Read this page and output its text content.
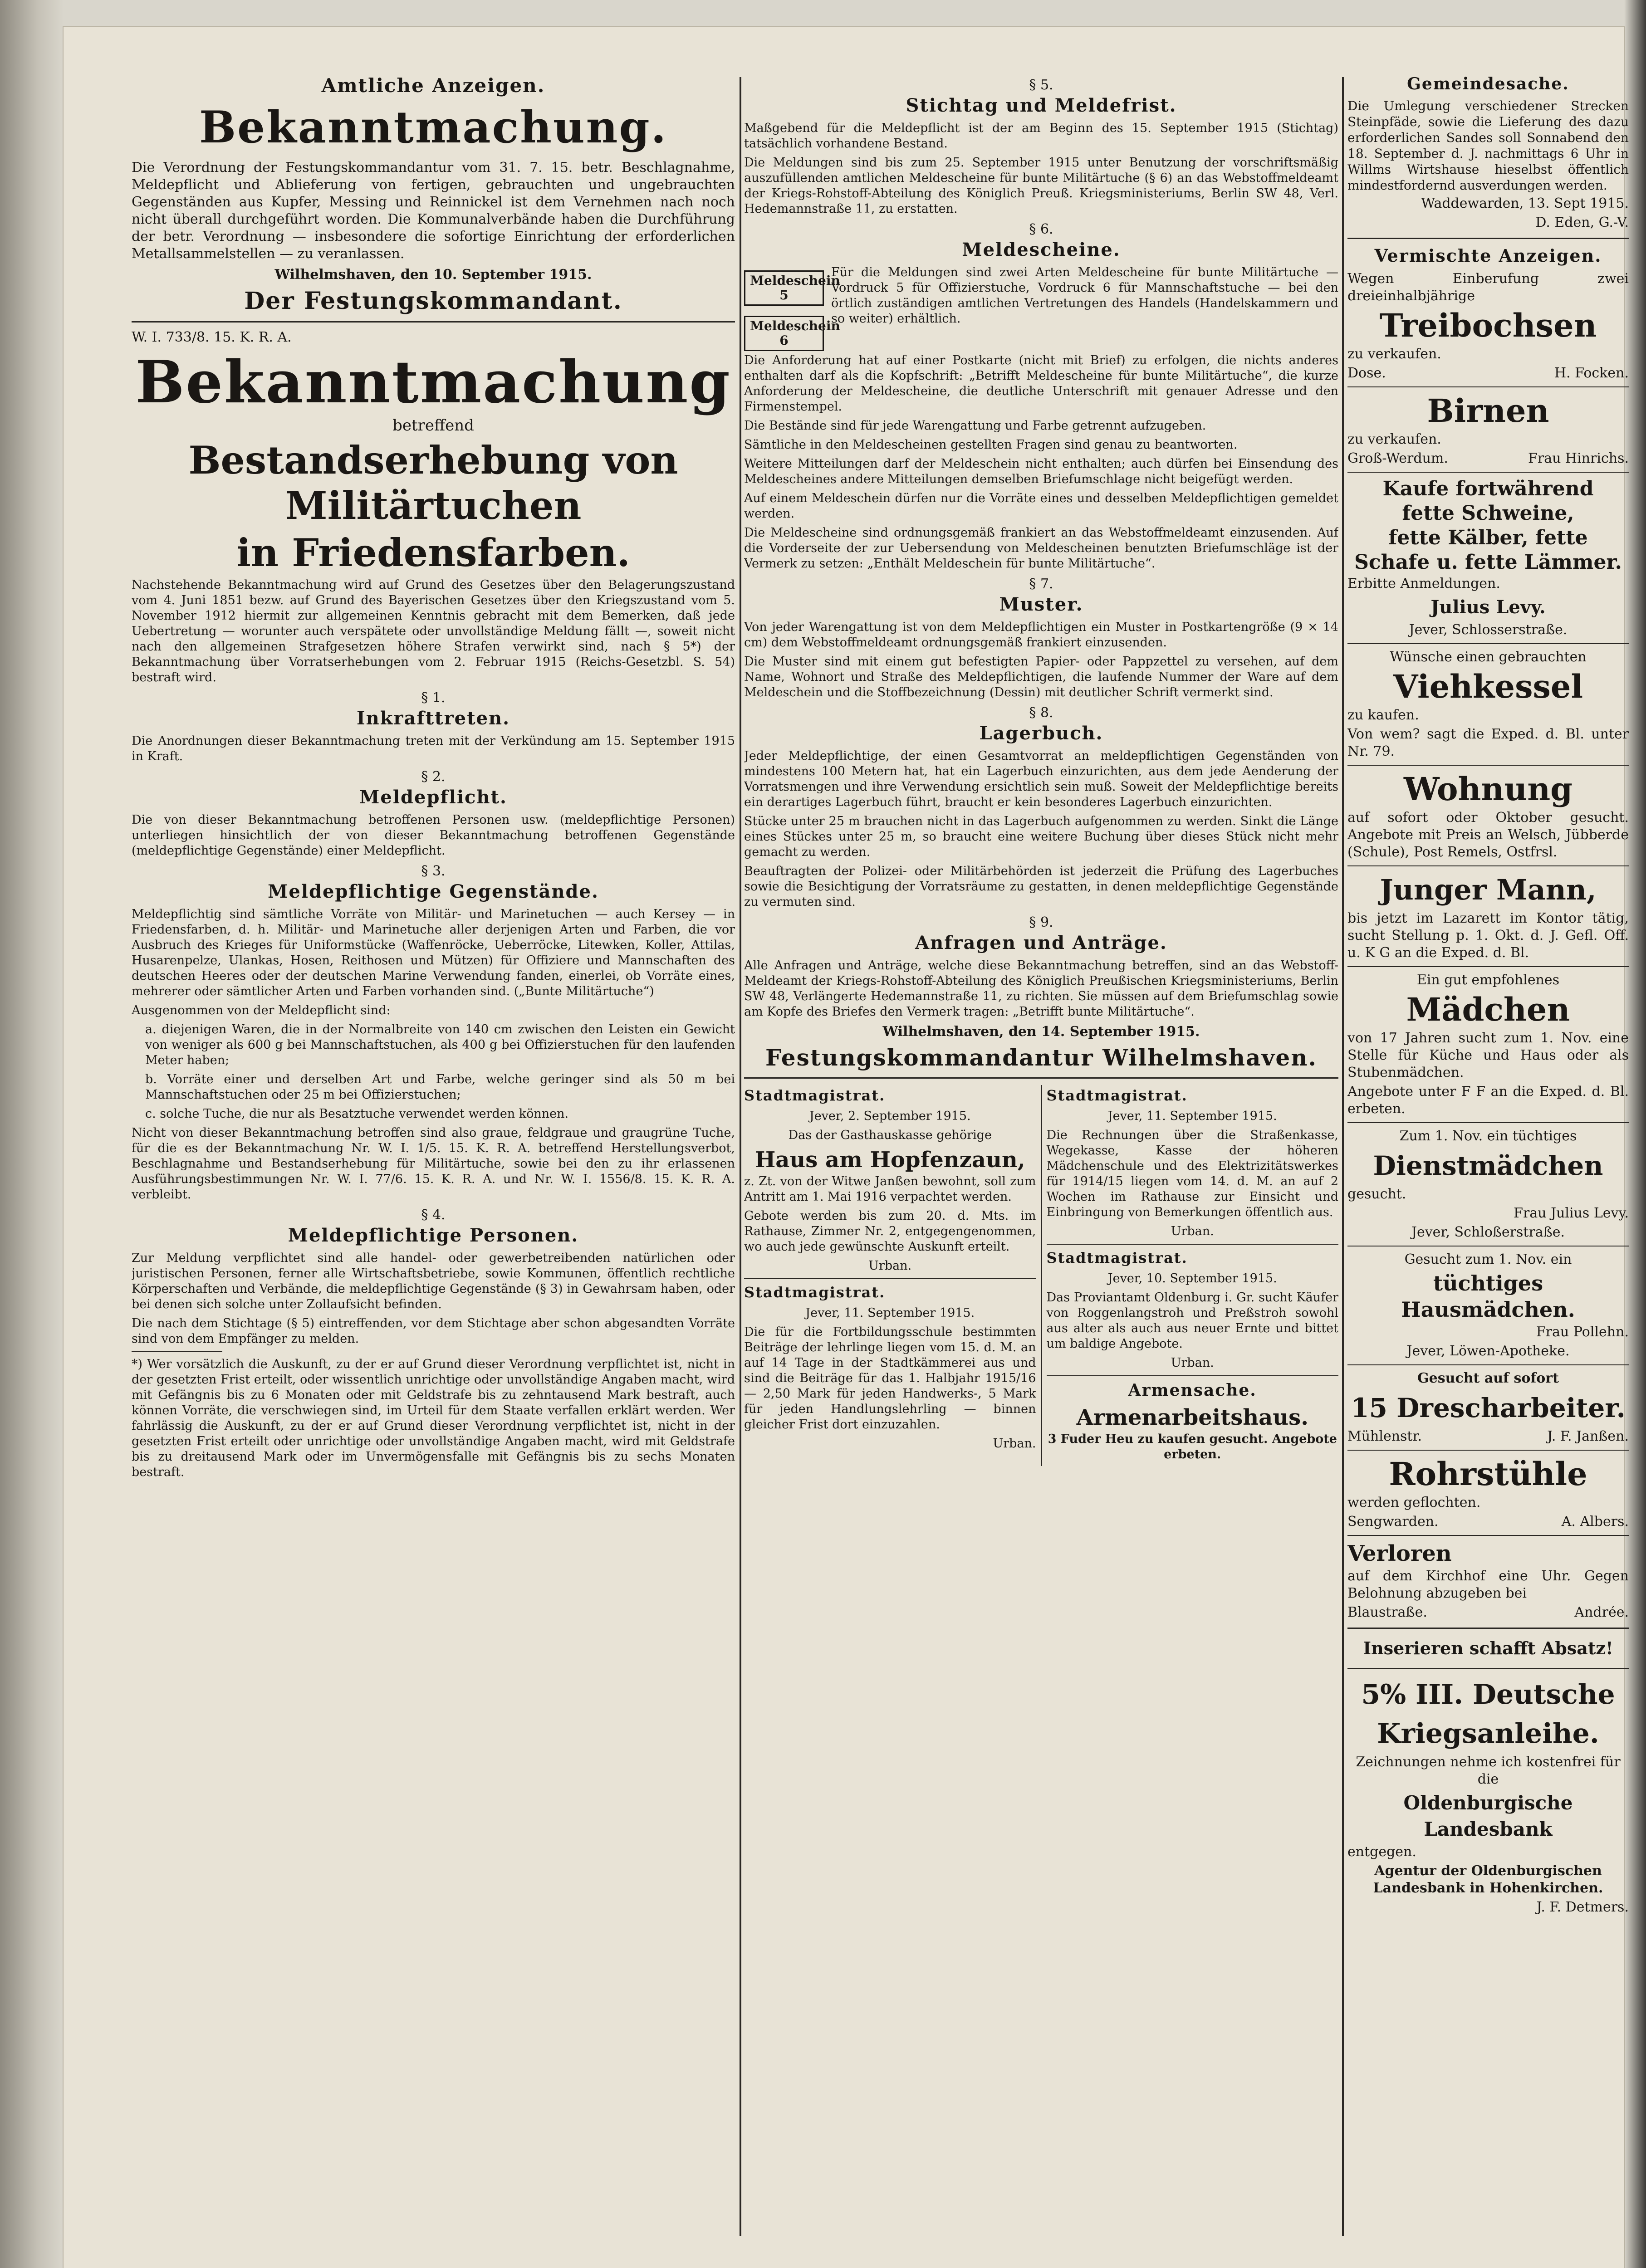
Amtliche Anzeigen.
Bekanntmachung.

Die Verordnung der Festungskommandantur vom 31. 7. 15. betr. Beschlagnahme, Meldepflicht und Ablieferung von fertigen, gebrauchten und ungebrauchten Gegenständen aus Kupfer, Messing und Reinnickel ist dem Vernehmen nach noch nicht überall durchgeführt worden. Die Kommunalverbände haben die Durchführung der betr. Verordnung — insbesondere die sofortige Einrichtung der erforderlichen Metallsammelstellen — zu veranlassen.

Wilhelmshaven, den 10. September 1915.

Der Festungskommandant.

W. I. 733/8. 15. K. R. A.

Bekanntmachung

betreffend

Bestandserhebung von Militärtuchen
in Friedensfarben.

Nachstehende Bekanntmachung wird auf Grund des Gesetzes über den Belagerungszustand vom 4. Juni 1851 bezw. auf Grund des Bayerischen Gesetzes über den Kriegszustand vom 5. November 1912 hiermit zur allgemeinen Kenntnis gebracht mit dem Bemerken, daß jede Uebertretung — worunter auch verspätete oder unvollständige Meldung fällt —, soweit nicht nach den allgemeinen Strafgesetzen höhere Strafen verwirkt sind, nach § 5*) der Bekanntmachung über Vorratserhebungen vom 2. Februar 1915 (Reichs-Gesetzbl. S. 54) bestraft wird.

§ 1.
Inkrafttreten.

Die Anordnungen dieser Bekanntmachung treten mit der Verkündung am 15. September 1915 in Kraft.

§ 2.
Meldepflicht.

Die von dieser Bekanntmachung betroffenen Personen usw. (meldepflichtige Personen) unterliegen hinsichtlich der von dieser Bekanntmachung betroffenen Gegenstände (meldepflichtige Gegenstände) einer Meldepflicht.

§ 3.
Meldepflichtige Gegenstände.

Meldepflichtig sind sämtliche Vorräte von Militär- und Marinetuchen — auch Kersey — in Friedensfarben, d. h. Militär- und Marinetuche aller derjenigen Arten und Farben, die vor Ausbruch des Krieges für Uniformstücke (Waffenröcke, Ueberröcke, Litewken, Koller, Attilas, Husarenpelze, Ulankas, Hosen, Reithosen und Mützen) für Offiziere und Mannschaften des deutschen Heeres oder der deutschen Marine Verwendung fanden, einerlei, ob Vorräte eines, mehrerer oder sämtlicher Arten und Farben vorhanden sind. („Bunte Militärtuche“)

Ausgenommen von der Meldepflicht sind:

a. diejenigen Waren, die in der Normalbreite von 140 cm zwischen den Leisten ein Gewicht von weniger als 600 g bei Mannschaftstuchen, als 400 g bei Offizierstuchen für den laufenden Meter haben;

b. Vorräte einer und derselben Art und Farbe, welche geringer sind als 50 m bei Mannschaftstuchen oder 25 m bei Offizierstuchen;

c. solche Tuche, die nur als Besatztuche verwendet werden können.

Nicht von dieser Bekanntmachung betroffen sind also graue, feldgraue und graugrüne Tuche, für die es der Bekanntmachung Nr. W. I. 1/5. 15. K. R. A. betreffend Herstellungsverbot, Beschlagnahme und Bestandserhebung für Militärtuche, sowie bei den zu ihr erlassenen Ausführungsbestimmungen Nr. W. I. 77/6. 15. K. R. A. und Nr. W. I. 1556/8. 15. K. R. A. verbleibt.

§ 4.
Meldepflichtige Personen.

Zur Meldung verpflichtet sind alle handel- oder gewerbetreibenden natürlichen oder juristischen Personen, ferner alle Wirtschaftsbetriebe, sowie Kommunen, öffentlich rechtliche Körperschaften und Verbände, die meldepflichtige Gegenstände (§ 3) in Gewahrsam haben, oder bei denen sich solche unter Zollaufsicht befinden.

Die nach dem Stichtage (§ 5) eintreffenden, vor dem Stichtage aber schon abgesandten Vorräte sind von dem Empfänger zu melden.

*) Wer vorsätzlich die Auskunft, zu der er auf Grund dieser Verordnung verpflichtet ist, nicht in der gesetzten Frist erteilt, oder wissentlich unrichtige oder unvollständige Angaben macht, wird mit Gefängnis bis zu 6 Monaten oder mit Geldstrafe bis zu zehntausend Mark bestraft, auch können Vorräte, die verschwiegen sind, im Urteil für dem Staate verfallen erklärt werden. Wer fahrlässig die Auskunft, zu der er auf Grund dieser Verordnung verpflichtet ist, nicht in der gesetzten Frist erteilt oder unrichtige oder unvollständige Angaben macht, wird mit Geldstrafe bis zu dreitausend Mark oder im Unvermögensfalle mit Gefängnis bis zu sechs Monaten bestraft.

§ 5.
Stichtag und Meldefrist.

Maßgebend für die Meldepflicht ist der am Beginn des 15. September 1915 (Stichtag) tatsächlich vorhandene Bestand.

Die Meldungen sind bis zum 25. September 1915 unter Benutzung der vorschriftsmäßig auszufüllenden amtlichen Meldescheine für bunte Militärtuche (§ 6) an das Webstoffmeldeamt der Kriegs-Rohstoff-Abteilung des Königlich Preuß. Kriegsministeriums, Berlin SW 48, Verl. Hedemannstraße 11, zu erstatten.

§ 6.
Meldescheine.
Meldeschein 5
Meldeschein 6

Für die Meldungen sind zwei Arten Meldescheine für bunte Militärtuche — Vordruck 5 für Offizierstuche, Vordruck 6 für Mannschaftstuche — bei den örtlich zuständigen amtlichen Vertretungen des Handels (Handelskammern und so weiter) erhältlich.

Die Anforderung hat auf einer Postkarte (nicht mit Brief) zu erfolgen, die nichts anderes enthalten darf als die Kopfschrift: „Betrifft Meldescheine für bunte Militärtuche“, die kurze Anforderung der Meldescheine, die deutliche Unterschrift mit genauer Adresse und den Firmenstempel.

Die Bestände sind für jede Warengattung und Farbe getrennt aufzugeben.

Sämtliche in den Meldescheinen gestellten Fragen sind genau zu beantworten.

Weitere Mitteilungen darf der Meldeschein nicht enthalten; auch dürfen bei Einsendung des Meldescheines andere Mitteilungen demselben Briefumschlage nicht beigefügt werden.

Auf einem Meldeschein dürfen nur die Vorräte eines und desselben Meldepflichtigen gemeldet werden.

Die Meldescheine sind ordnungsgemäß frankiert an das Webstoffmeldeamt einzusenden. Auf die Vorderseite der zur Uebersendung von Meldescheinen benutzten Briefumschläge ist der Vermerk zu setzen: „Enthält Meldeschein für bunte Militärtuche“.

§ 7.
Muster.

Von jeder Warengattung ist von dem Meldepflichtigen ein Muster in Postkartengröße (9 × 14 cm) dem Webstoffmeldeamt ordnungsgemäß frankiert einzusenden.

Die Muster sind mit einem gut befestigten Papier- oder Pappzettel zu versehen, auf dem Name, Wohnort und Straße des Meldepflichtigen, die laufende Nummer der Ware auf dem Meldeschein und die Stoffbezeichnung (Dessin) mit deutlicher Schrift vermerkt sind.

§ 8.
Lagerbuch.

Jeder Meldepflichtige, der einen Gesamtvorrat an meldepflichtigen Gegenständen von mindestens 100 Metern hat, hat ein Lagerbuch einzurichten, aus dem jede Aenderung der Vorratsmengen und ihre Verwendung ersichtlich sein muß. Soweit der Meldepflichtige bereits ein derartiges Lagerbuch führt, braucht er kein besonderes Lagerbuch einzurichten.

Stücke unter 25 m brauchen nicht in das Lagerbuch aufgenommen zu werden. Sinkt die Länge eines Stückes unter 25 m, so braucht eine weitere Buchung über dieses Stück nicht mehr gemacht zu werden.

Beauftragten der Polizei- oder Militärbehörden ist jederzeit die Prüfung des Lagerbuches sowie die Besichtigung der Vorratsräume zu gestatten, in denen meldepflichtige Gegenstände zu vermuten sind.

§ 9.
Anfragen und Anträge.

Alle Anfragen und Anträge, welche diese Bekanntmachung betreffen, sind an das Webstoff-Meldeamt der Kriegs-Rohstoff-Abteilung des Königlich Preußischen Kriegsministeriums, Berlin SW 48, Verlängerte Hedemannstraße 11, zu richten. Sie müssen auf dem Briefumschlag sowie am Kopfe des Briefes den Vermerk tragen: „Betrifft bunte Militärtuche“.

Wilhelmshaven, den 14. September 1915.

Festungskommandantur Wilhelmshaven.
Stadtmagistrat.

Jever, 2. September 1915.

Das der Gasthauskasse gehörige

Haus am Hopfenzaun,

z. Zt. von der Witwe Janßen bewohnt, soll zum Antritt am 1. Mai 1916 verpachtet werden.

Gebote werden bis zum 20. d. Mts. im Rathause, Zimmer Nr. 2, entgegengenommen, wo auch jede gewünschte Auskunft erteilt.

Urban.

Stadtmagistrat.

Jever, 11. September 1915.

Die für die Fortbildungsschule bestimmten Beiträge der lehrlinge liegen vom 15. d. M. an auf 14 Tage in der Stadtkämmerei aus und sind die Beiträge für das 1. Halbjahr 1915/16 — 2,50 Mark für jeden Handwerks-, 5 Mark für jeden Handlungslehrling — binnen gleicher Frist dort einzuzahlen.

Urban.

Stadtmagistrat.

Jever, 11. September 1915.

Die Rechnungen über die Straßenkasse, Wegekasse, Kasse der höheren Mädchenschule und des Elektrizitätswerkes für 1914/15 liegen vom 14. d. M. an auf 2 Wochen im Rathause zur Einsicht und Einbringung von Bemerkungen öffentlich aus.

Urban.

Stadtmagistrat.

Jever, 10. September 1915.

Das Proviantamt Oldenburg i. Gr. sucht Käufer von Roggenlangstroh und Preßstroh sowohl aus alter als auch aus neuer Ernte und bittet um baldige Angebote.

Urban.

Armensache.
Armenarbeitshaus.

3 Fuder Heu zu kaufen gesucht. Angebote erbeten.

Gemeindesache.

Die Umlegung verschiedener Strecken Steinpfäde, sowie die Lieferung des dazu erforderlichen Sandes soll Sonnabend den 18. September d. J. nachmittags 6 Uhr in Willms Wirtshause hieselbst öffentlich mindestfordernd ausverdungen werden.

Waddewarden, 13. Sept 1915.

D. Eden, G.-V.

Vermischte Anzeigen.

Wegen Einberufung zwei dreieinhalbjährige

Treibochsen

zu verkaufen.

Dose.	H. Focken.
Birnen

zu verkaufen.

Groß-Werdum.	Frau Hinrichs.
Kaufe fortwährend
fette Schweine,
fette Kälber, fette
Schafe u. fette Lämmer.

Erbitte Anmeldungen.

Julius Levy.

Jever, Schlosserstraße.

Wünsche einen gebrauchten

Viehkessel

zu kaufen.

Von wem? sagt die Exped. d. Bl. unter Nr. 79.

Wohnung

auf sofort oder Oktober gesucht. Angebote mit Preis an Welsch, Jübberde (Schule), Post Remels, Ostfrsl.

Junger Mann,

bis jetzt im Lazarett im Kontor tätig, sucht Stellung p. 1. Okt. d. J. Gefl. Off. u. K G an die Exped. d. Bl.

Ein gut empfohlenes

Mädchen

von 17 Jahren sucht zum 1. Nov. eine Stelle für Küche und Haus oder als Stubenmädchen.

Angebote unter F F an die Exped. d. Bl. erbeten.

Zum 1. Nov. ein tüchtiges

Dienstmädchen

gesucht.

Frau Julius Levy.

Jever, Schloßerstraße.

Gesucht zum 1. Nov. ein

tüchtiges Hausmädchen.

Frau Pollehn.

Jever, Löwen-Apotheke.

Gesucht auf sofort

15 Drescharbeiter.
Mühlenstr.	J. F. Janßen.
Rohrstühle

werden geflochten.

Sengwarden.	A. Albers.
Verloren

auf dem Kirchhof eine Uhr. Gegen Belohnung abzugeben bei

Blaustraße.	Andrée.
Inserieren schafft Absatz!
5% III. Deutsche
Kriegsanleihe.

Zeichnungen nehme ich kostenfrei für die

Oldenburgische Landesbank

entgegen.

Agentur der Oldenburgischen Landesbank in Hohenkirchen.

J. F. Detmers.
